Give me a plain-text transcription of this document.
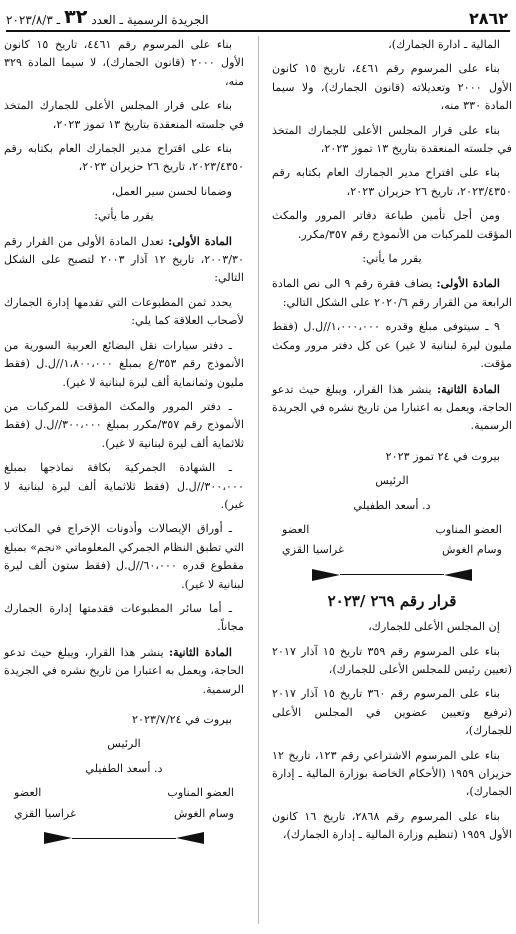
٢٨٦٢
الجريدة الرسمية ـ العدد
٣٢
ـ ٢٠٢٣/٨/٣

المالية ـ ادارة الجمارك)،

بناء على المرسوم رقم ٤٤٦١، تاريخ ١٥ كانون الأول ٢٠٠٠ وتعديلاته (قانون الجمارك)، ولا سيما المادة ٣٣٠ منه،

بناء على قرار المجلس الأعلى للجمارك المتخذ في جلسته المنعقدة بتاريخ ١٣ تموز ٢٠٢٣،

بناء على اقتراح مدير الجمارك العام بكتابه رقم ٢٠٢٣/٤٣٥٠، تاريخ ٢٦ حزيران ٢٠٢٣،

ومن أجل تأمين طباعة دفاتر المرور والمكث المؤقت للمركبات من الأنموذج رقم ٣٥٧/مكرر.

يقرر ما يأتي:

المادة الأولى: يضاف فقرة رقم ٩ الى نص المادة الرابعة من القرار رقم ٢٠٢٠/٦ على الشكل التالي:

٩ ـ سيتوفى مبلغ وقدره ١،٠٠٠،٠٠٠//ل.ل (فقط مليون ليرة لبنانية لا غير) عن كل دفتر مرور ومكث مؤقت.

المادة الثانية: ينشر هذا القرار، ويبلغ حيث تدعو الحاجة، ويعمل به اعتبارا من تاريخ نشره في الجريدة الرسمية.

بيروت في ٢٤ تموز ٢٠٢٣

الرئيس

د. أسعد الطفيلي

العضو المناوب
العضو
وسام الغوش
غراسيا القزي

قرار رقم ٢٦٩ /٢٠٢٣

إن المجلس الأعلى للجمارك،

بناء على المرسوم رقم ٣٥٩ تاريخ ١٥ آذار ٢٠١٧ (تعيين رئيس للمجلس الأعلى للجمارك)،

بناء على المرسوم رقم ٣٦٠ تاريخ ١٥ آذار ٢٠١٧ (ترفيع وتعيين عضوين في المجلس الأعلى للجمارك)،

بناء على المرسوم الاشتراعي رقم ١٢٣، تاريخ ١٢ حزيران ١٩٥٩ (الأحكام الخاصة بوزارة المالية ـ إدارة الجمارك)،

بناء على المرسوم رقم ٢٨٦٨، تاريخ ١٦ كانون الأول ١٩٥٩ (تنظيم وزارة المالية ـ إدارة الجمارك)،

بناء على المرسوم رقم ٤٤٦١، تاريخ ١٥ كانون الأول ٢٠٠٠ (قانون الجمارك)، لا سيما المادة ٣٢٩ منه،

بناء على قرار المجلس الأعلى للجمارك المتخذ في جلسته المنعقدة بتاريخ ١٣ تموز ٢٠٢٣،

بناء على اقتراح مدير الجمارك العام بكتابه رقم ٢٠٢٣/٤٣٥٠، تاريخ ٢٦ حزيران ٢٠٢٣،

وضمانا لحسن سير العمل،

يقرر ما يأتي:

المادة الأولى: تعدل المادة الأولى من القرار رقم ٢٠٠٣/٣٠، تاريخ ١٢ آذار ٢٠٠٣ لتصبح على الشكل التالي:

يحدد ثمن المطبوعات التي تقدمها إدارة الجمارك لأصحاب العلاقة كما يلي:

ـ دفتر سيارات نقل البضائع العربية السورية من الأنموذج رقم ٣٥٣/ع بمبلغ ١،٨٠٠،٠٠٠//ل.ل (فقط مليون وثمانماية ألف ليرة لبنانية لا غير).

ـ دفتر المرور والمكث المؤقت للمركبات من الأنموذج رقم ٣٥٧/مكرر بمبلغ ٣٠٠،٠٠٠//ل.ل (فقط ثلاثماية ألف ليرة لبنانية لا غير).

ـ الشهادة الجمركية بكافة نماذجها بمبلغ ٣٠٠،٠٠٠//ل.ل (فقط ثلاثماية ألف ليرة لبنانية لا غير).

ـ أوراق الإيصالات وأذونات الإخراج في المكاتب التي تطبق النظام الجمركي المعلوماتي «نجم» بمبلغ مقطوع قدره ٦٠،٠٠٠//ل.ل (فقط ستون ألف ليرة لبنانية لا غير).

ـ أما سائر المطبوعات فقدمتها إدارة الجمارك مجاناً.

المادة الثانية: ينشر هذا القرار، ويبلغ حيث تدعو الحاجة، ويعمل به اعتبارا من تاريخ نشره في الجريدة الرسمية.

بيروت في ٢٠٢٣/٧/٢٤

الرئيس

د. أسعد الطفيلي

العضو المناوب
العضو
وسام الغوش
غراسيا القزي
